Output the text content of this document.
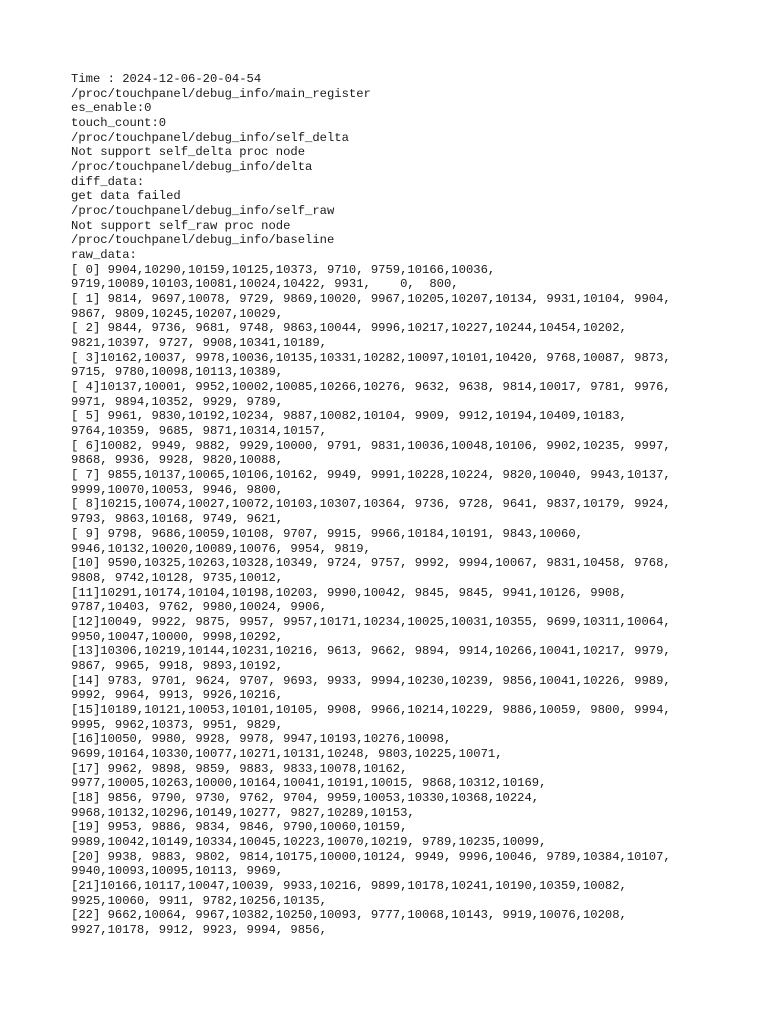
Time : 2024-12-06-20-04-54
/proc/touchpanel/debug_info/main_register
es_enable:0
touch_count:0
/proc/touchpanel/debug_info/self_delta
Not support self_delta proc node
/proc/touchpanel/debug_info/delta
diff_data:
get data failed
/proc/touchpanel/debug_info/self_raw
Not support self_raw proc node
/proc/touchpanel/debug_info/baseline
raw_data:
[ 0] 9904,10290,10159,10125,10373, 9710, 9759,10166,10036,
9719,10089,10103,10081,10024,10422, 9931,    0,  800,
[ 1] 9814, 9697,10078, 9729, 9869,10020, 9967,10205,10207,10134, 9931,10104, 9904,
9867, 9809,10245,10207,10029,
[ 2] 9844, 9736, 9681, 9748, 9863,10044, 9996,10217,10227,10244,10454,10202,
9821,10397, 9727, 9908,10341,10189,
[ 3]10162,10037, 9978,10036,10135,10331,10282,10097,10101,10420, 9768,10087, 9873,
9715, 9780,10098,10113,10389,
[ 4]10137,10001, 9952,10002,10085,10266,10276, 9632, 9638, 9814,10017, 9781, 9976,
9971, 9894,10352, 9929, 9789,
[ 5] 9961, 9830,10192,10234, 9887,10082,10104, 9909, 9912,10194,10409,10183,
9764,10359, 9685, 9871,10314,10157,
[ 6]10082, 9949, 9882, 9929,10000, 9791, 9831,10036,10048,10106, 9902,10235, 9997,
9868, 9936, 9928, 9820,10088,
[ 7] 9855,10137,10065,10106,10162, 9949, 9991,10228,10224, 9820,10040, 9943,10137,
9999,10070,10053, 9946, 9800,
[ 8]10215,10074,10027,10072,10103,10307,10364, 9736, 9728, 9641, 9837,10179, 9924,
9793, 9863,10168, 9749, 9621,
[ 9] 9798, 9686,10059,10108, 9707, 9915, 9966,10184,10191, 9843,10060,
9946,10132,10020,10089,10076, 9954, 9819,
[10] 9590,10325,10263,10328,10349, 9724, 9757, 9992, 9994,10067, 9831,10458, 9768,
9808, 9742,10128, 9735,10012,
[11]10291,10174,10104,10198,10203, 9990,10042, 9845, 9845, 9941,10126, 9908,
9787,10403, 9762, 9980,10024, 9906,
[12]10049, 9922, 9875, 9957, 9957,10171,10234,10025,10031,10355, 9699,10311,10064,
9950,10047,10000, 9998,10292,
[13]10306,10219,10144,10231,10216, 9613, 9662, 9894, 9914,10266,10041,10217, 9979,
9867, 9965, 9918, 9893,10192,
[14] 9783, 9701, 9624, 9707, 9693, 9933, 9994,10230,10239, 9856,10041,10226, 9989,
9992, 9964, 9913, 9926,10216,
[15]10189,10121,10053,10101,10105, 9908, 9966,10214,10229, 9886,10059, 9800, 9994,
9995, 9962,10373, 9951, 9829,
[16]10050, 9980, 9928, 9978, 9947,10193,10276,10098,
9699,10164,10330,10077,10271,10131,10248, 9803,10225,10071,
[17] 9962, 9898, 9859, 9883, 9833,10078,10162,
9977,10005,10263,10000,10164,10041,10191,10015, 9868,10312,10169,
[18] 9856, 9790, 9730, 9762, 9704, 9959,10053,10330,10368,10224,
9968,10132,10296,10149,10277, 9827,10289,10153,
[19] 9953, 9886, 9834, 9846, 9790,10060,10159,
9989,10042,10149,10334,10045,10223,10070,10219, 9789,10235,10099,
[20] 9938, 9883, 9802, 9814,10175,10000,10124, 9949, 9996,10046, 9789,10384,10107,
9940,10093,10095,10113, 9969,
[21]10166,10117,10047,10039, 9933,10216, 9899,10178,10241,10190,10359,10082,
9925,10060, 9911, 9782,10256,10135,
[22] 9662,10064, 9967,10382,10250,10093, 9777,10068,10143, 9919,10076,10208,
9927,10178, 9912, 9923, 9994, 9856,
